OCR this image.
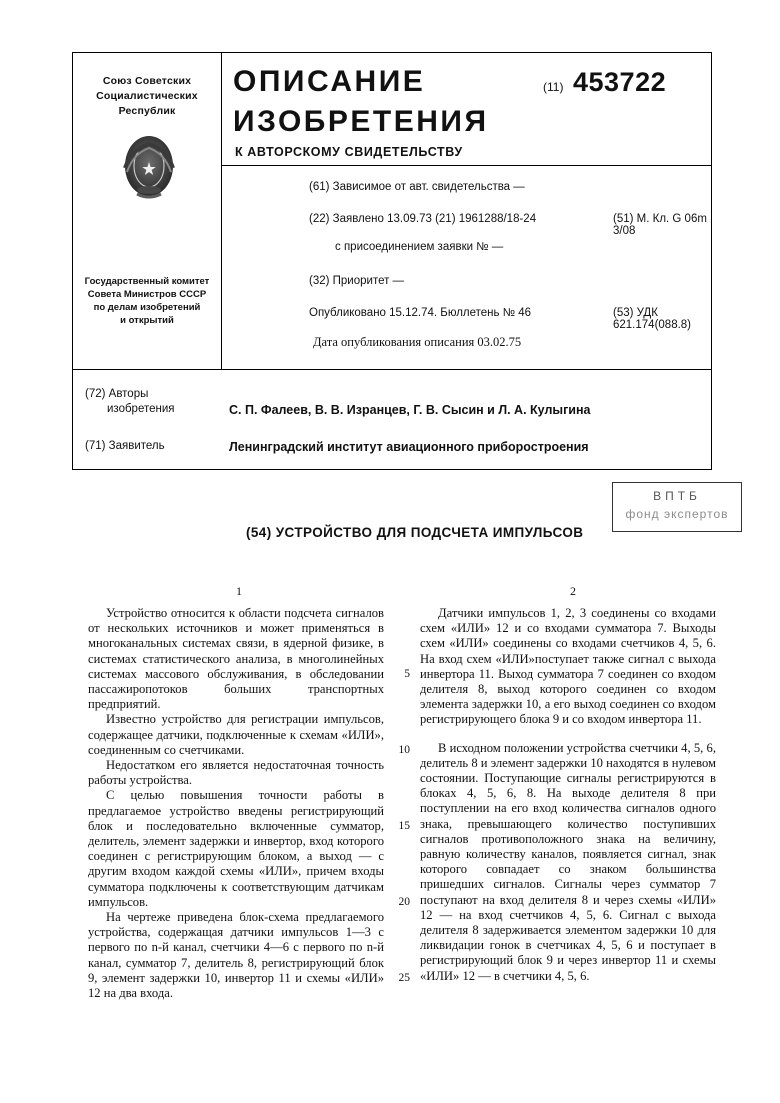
Союз Советских
Социалистических
Республик
Государственный комитет
Совета Министров СССР
по делам изобретений
и открытий
ОПИСАНИЕ
ИЗОБРЕТЕНИЯ
К АВТОРСКОМУ СВИДЕТЕЛЬСТВУ
(11) 453722
(61) Зависимое от авт. свидетельства —
(22) Заявлено 13.09.73 (21) 1961288/18-24
с присоединением заявки № —
(32) Приоритет —
Опубликовано 15.12.74. Бюллетень № 46
Дата опубликования описания 03.02.75
(51) М. Кл. G 06m 3/08
(53) УДК 621.174(088.8)
(72) Авторы
изобретения	С. П. Фалеев, В. В. Изранцев, Г. В. Сысин и Л. А. Кулыгина
(71) Заявитель	Ленинградский институт авиационного приборостроения
ВПТБ
фонд экспертов
(54) УСТРОЙСТВО ДЛЯ ПОДСЧЕТА ИМПУЛЬСОВ
1	2

Устройство относится к области подсчета сигналов от нескольких источников и может применяться в многоканальных системах связи, в ядерной физике, в системах статистического анализа, в многолинейных системах массового обслуживания, в обследовании пассажиропотоков больших транспортных предприятий.

Известно устройство для регистрации импульсов, содержащее датчики, подключенные к схемам «ИЛИ», соединенным со счетчиками.

Недостатком его является недостаточная точность работы устройства.

С целью повышения точности работы в предлагаемое устройство введены регистрирующий блок и последовательно включенные сумматор, делитель, элемент задержки и инвертор, вход которого соединен с регистрирующим блоком, а выход — с другим входом каждой схемы «ИЛИ», причем входы сумматора подключены к соответствующим датчикам импульсов.

На чертеже приведена блок-схема предлагаемого устройства, содержащая датчики импульсов 1—3 с первого по n-й канал, счетчики 4—6 с первого по n-й канал, сумматор 7, делитель 8, регистрирующий блок 9, элемент задержки 10, инвертор 11 и схемы «ИЛИ» 12 на два входа.

5
10
15
20
25

Датчики импульсов 1, 2, 3 соединены со входами схем «ИЛИ» 12 и со входами сумматора 7. Выходы схем «ИЛИ» соединены со входами счетчиков 4, 5, 6. На вход схем «ИЛИ»поступает также сигнал с выхода инвертора 11. Выход сумматора 7 соединен со входом делителя 8, выход которого соединен со входом элемента задержки 10, а его выход соединен со входом регистрирующего блока 9 и со входом инвертора 11.

В исходном положении устройства счетчики 4, 5, 6, делитель 8 и элемент задержки 10 находятся в нулевом состоянии. Поступающие сигналы регистрируются в блоках 4, 5, 6, 8. На выходе делителя 8 при поступлении на его вход количества сигналов одного знака, превышающего количество поступивших сигналов противоположного знака на величину, равную количеству каналов, появляется сигнал, знак которого совпадает со знаком большинства пришедших сигналов. Сигналы через сумматор 7 поступают на вход делителя 8 и через схемы «ИЛИ» 12 — на вход счетчиков 4, 5, 6. Сигнал с выхода делителя 8 задерживается элементом задержки 10 для ликвидации гонок в счетчиках 4, 5, 6 и поступает в регистрирующий блок 9 и через инвертор 11 и схемы «ИЛИ» 12 — в счетчики 4, 5, 6.
